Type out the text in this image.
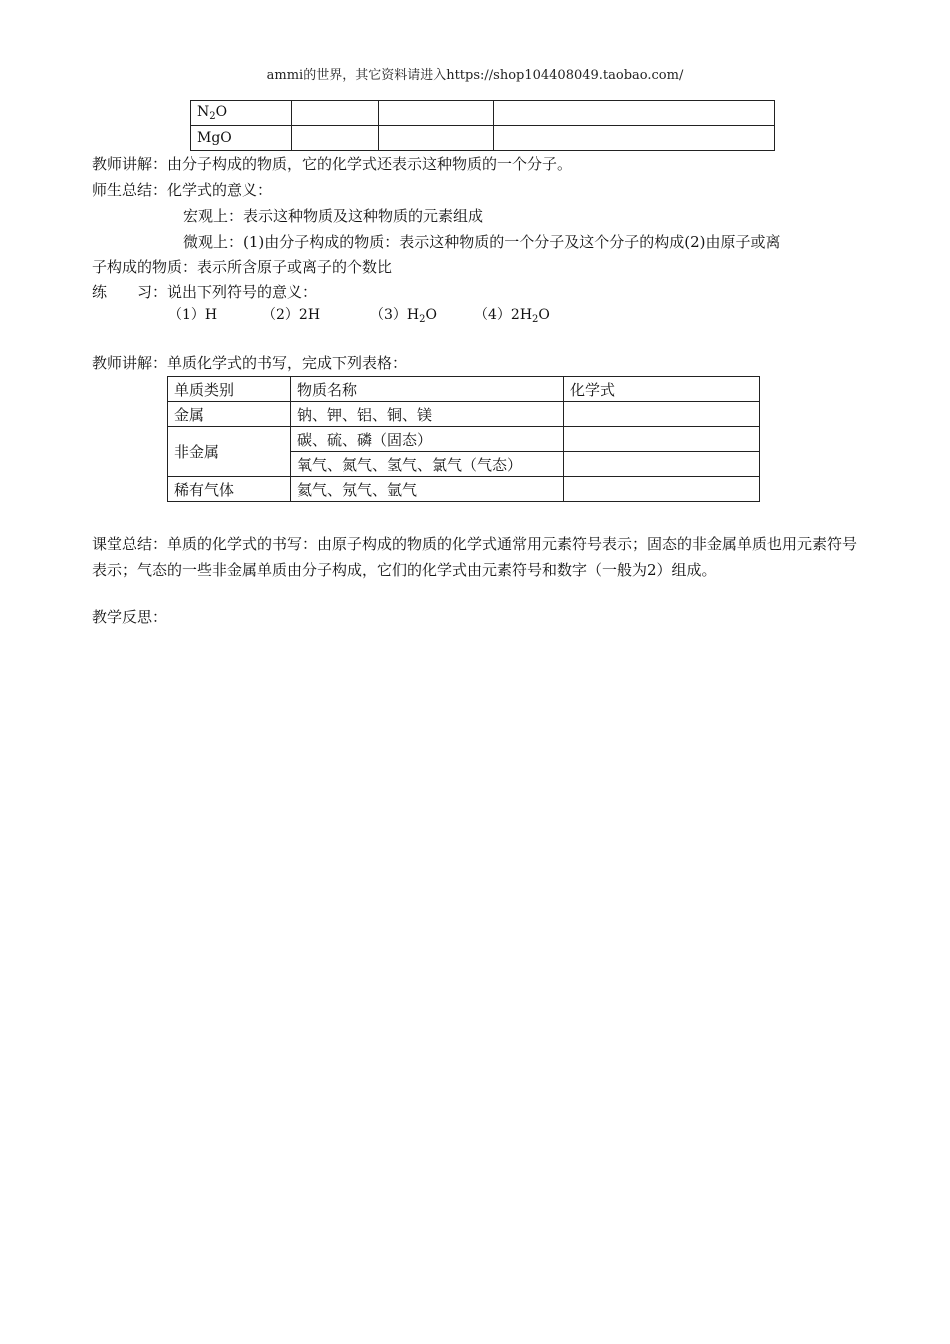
ammi的世界，其它资料请进入https://shop104408049.taobao.com/
$N_2O$			
MgO			
教师讲解：由分子构成的物质，它的化学式还表示这种物质的一个分子。
师生总结：化学式的意义：
宏观上：表示这种物质及这种物质的元素组成
微观上：(1)由分子构成的物质：表示这种物质的一个分子及这个分子的构成(2)由原子或离
子构成的物质：表示所含原子或离子的个数比
练 习：说出下列符号的意义：
（1）H	（2）2H	$(3)H_2O$	$(4)2H_2O$
教师讲解：单质化学式的书写，完成下列表格：
单质类别	物质名称	化学式
金属	钠、钾、铝、铜、镁	
非金属	碳、硫、磷（固态）	
	氧气、氮气、氢气、氯气（气态）	
稀有气体	氦气、氖气、氩气	
课堂总结：单质的化学式的书写：由原子构成的物质的化学式通常用元素符号表示；固态的非金属单质也用元素符号表示；气态的一些非金属单质由分子构成，它们的化学式由元素符号和数字（一般为2）组成。
教学反思：
